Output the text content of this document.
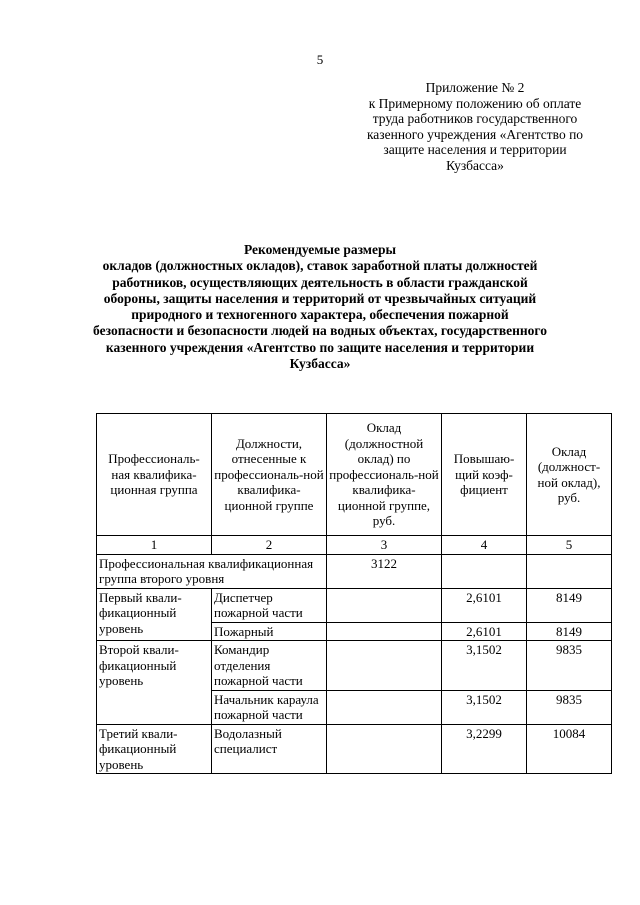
5
Приложение № 2
к Примерному положению об оплате
труда работников государственного
казенного учреждения «Агентство по
защите населения и территории
Кузбасса»
Рекомендуемые размеры
окладов (должностных окладов), ставок заработной платы должностей
работников, осуществляющих деятельность в области гражданской
обороны, защиты населения и территорий от чрезвычайных ситуаций
природного и техногенного характера, обеспечения пожарной
безопасности и безопасности людей на водных объектах, государственного
казенного учреждения «Агентство по защите населения и территории
Кузбасса»
Профессиональ-ная квалифика-ционная группа	Должности, отнесенные к профессиональ-ной квалифика-ционной группе	Оклад (должностной оклад) по профессиональ-ной квалифика-ционной группе, руб.	Повышаю-щий коэф-фициент	Оклад (должност-ной оклад), руб.
1	2	3	4	5
Профессиональная квалификационная группа второго уровня		3122		
Первый квали-фикационный уровень	Диспетчер пожарной части		2,6101	8149
	Пожарный		2,6101	8149
Второй квали-фикационный уровень	Командир отделения пожарной части		3,1502	9835
	Начальник караула пожарной части		3,1502	9835
Третий квали-фикационный уровень	Водолазный специалист		3,2299	10084
